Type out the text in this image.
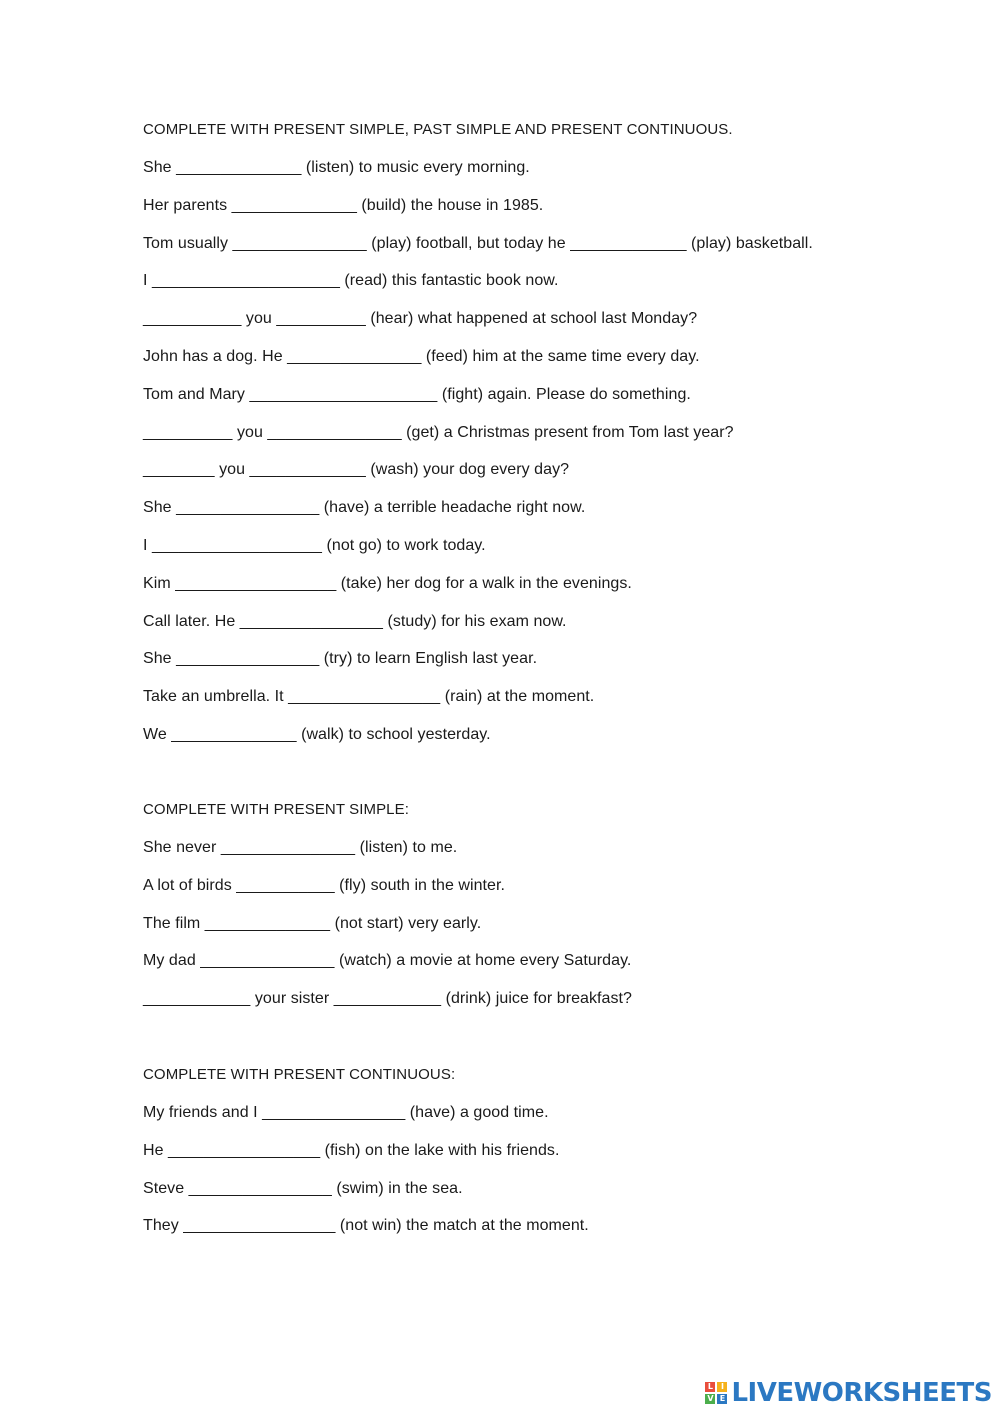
COMPLETE WITH PRESENT SIMPLE, PAST SIMPLE AND PRESENT CONTINUOUS.
She ______________ (listen) to music every morning.
Her parents ______________ (build) the house in 1985.
Tom usually _______________ (play) football, but today he _____________ (play) basketball.
I _____________________ (read) this fantastic book now.
___________ you __________ (hear) what happened at school last Monday?
John has a dog. He _______________ (feed) him at the same time every day.
Tom and Mary _____________________ (fight) again. Please do something.
__________ you _______________ (get) a Christmas present from Tom last year?
________ you _____________ (wash) your dog every day?
She ________________ (have) a terrible headache right now.
I ___________________ (not go) to work today.
Kim __________________ (take) her dog for a walk in the evenings.
Call later. He ________________ (study) for his exam now.
She ________________ (try) to learn English last year.
Take an umbrella. It _________________ (rain) at the moment.
We ______________ (walk) to school yesterday.
COMPLETE WITH PRESENT SIMPLE:
She never _______________ (listen) to me.
A lot of birds ___________ (fly) south in the winter.
The film ______________ (not start) very early.
My dad _______________ (watch) a movie at home every Saturday.
____________ your sister ____________ (drink) juice for breakfast?
COMPLETE WITH PRESENT CONTINUOUS:
My friends and I ________________ (have) a good time.
He _________________ (fish) on the lake with his friends.
Steve ________________ (swim) in the sea.
They _________________ (not win) the match at the moment.
L I
V E LIVEWORKSHEETS
